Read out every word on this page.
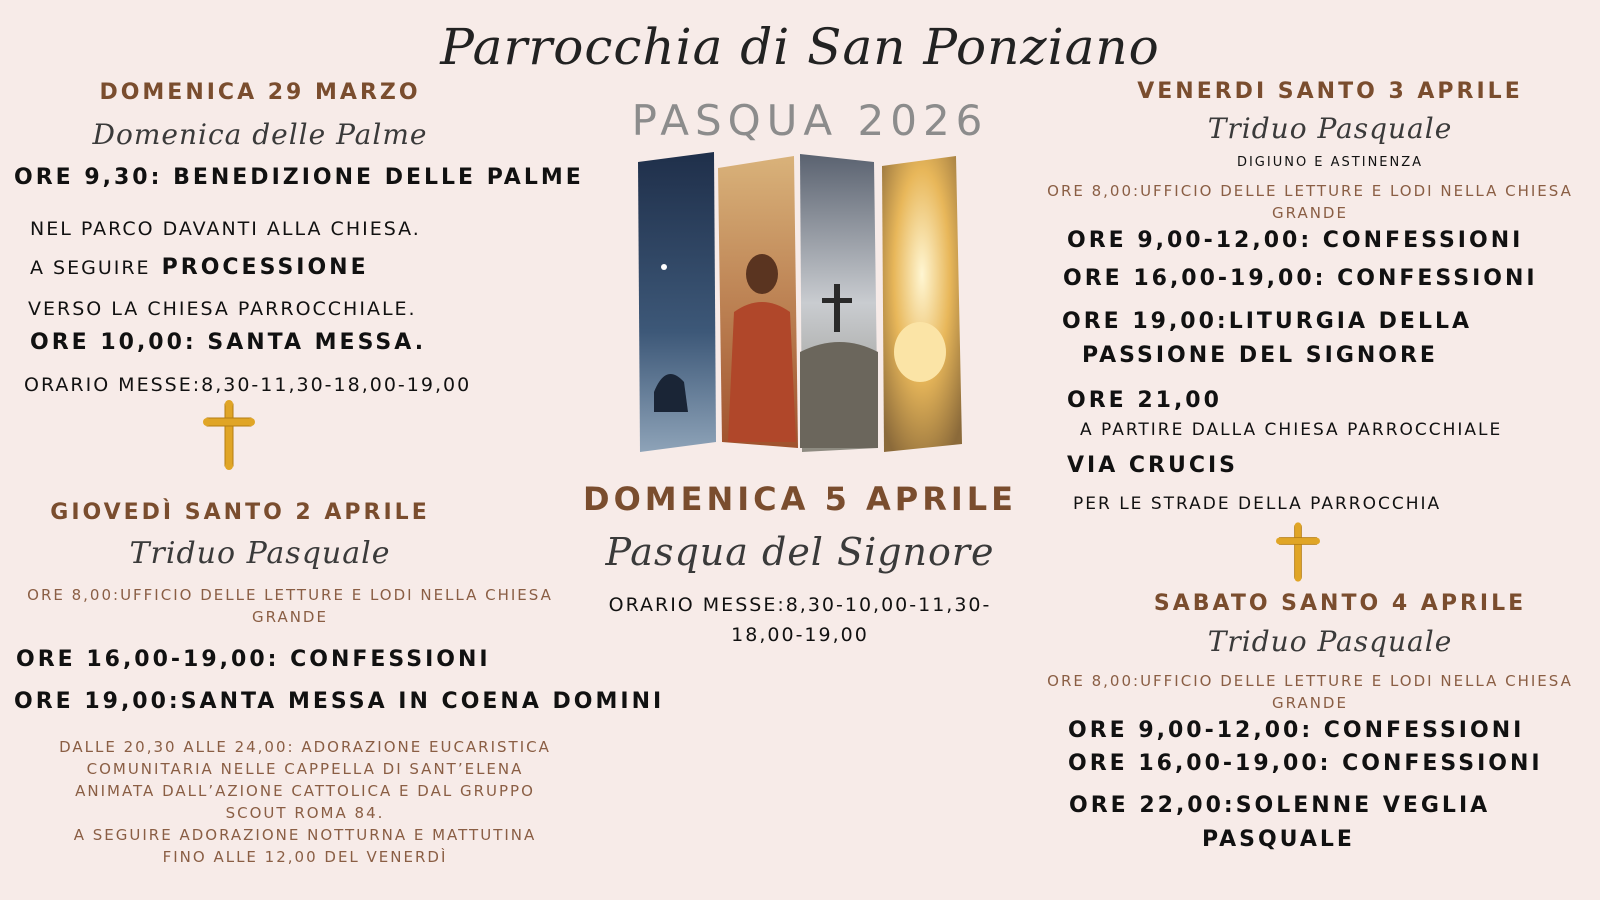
Parrocchia di San Ponziano
PASQUA 2026
DOMENICA 29 MARZO
Domenica delle Palme
ORE 9,30: BENEDIZIONE DELLE PALME
NEL PARCO DAVANTI ALLA CHIESA.
A SEGUIRE PROCESSIONE
VERSO LA CHIESA PARROCCHIALE.
ORE 10,00: SANTA MESSA.
ORARIO MESSE:8,30-11,30-18,00-19,00
GIOVEDÌ SANTO 2 APRILE
Triduo Pasquale
ORE 8,00:UFFICIO DELLE LETTURE E LODI NELLA CHIESA GRANDE
ORE 16,00-19,00: CONFESSIONI
ORE 19,00:SANTA MESSA IN COENA DOMINI
DALLE 20,30 ALLE 24,00: ADORAZIONE EUCARISTICA
COMUNITARIA NELLE CAPPELLA DI SANT’ELENA
ANIMATA DALL’AZIONE CATTOLICA E DAL GRUPPO
SCOUT ROMA 84.
A SEGUIRE ADORAZIONE NOTTURNA E MATTUTINA
FINO ALLE 12,00 DEL VENERDÌ
DOMENICA 5 APRILE
Pasqua del Signore
ORARIO MESSE:8,30-10,00-11,30-
18,00-19,00
VENERDI SANTO 3 APRILE
Triduo Pasquale
DIGIUNO E ASTINENZA
ORE 8,00:UFFICIO DELLE LETTURE E LODI NELLA CHIESA GRANDE
ORE 9,00-12,00: CONFESSIONI
ORE 16,00-19,00: CONFESSIONI
ORE 19,00:LITURGIA DELLA
PASSIONE DEL SIGNORE
ORE 21,00
A PARTIRE DALLA CHIESA PARROCCHIALE
VIA CRUCIS
PER LE STRADE DELLA PARROCCHIA
SABATO SANTO 4 APRILE
Triduo Pasquale
ORE 8,00:UFFICIO DELLE LETTURE E LODI NELLA CHIESA GRANDE
ORE 9,00-12,00: CONFESSIONI
ORE 16,00-19,00: CONFESSIONI
ORE 22,00:SOLENNE VEGLIA
PASQUALE
